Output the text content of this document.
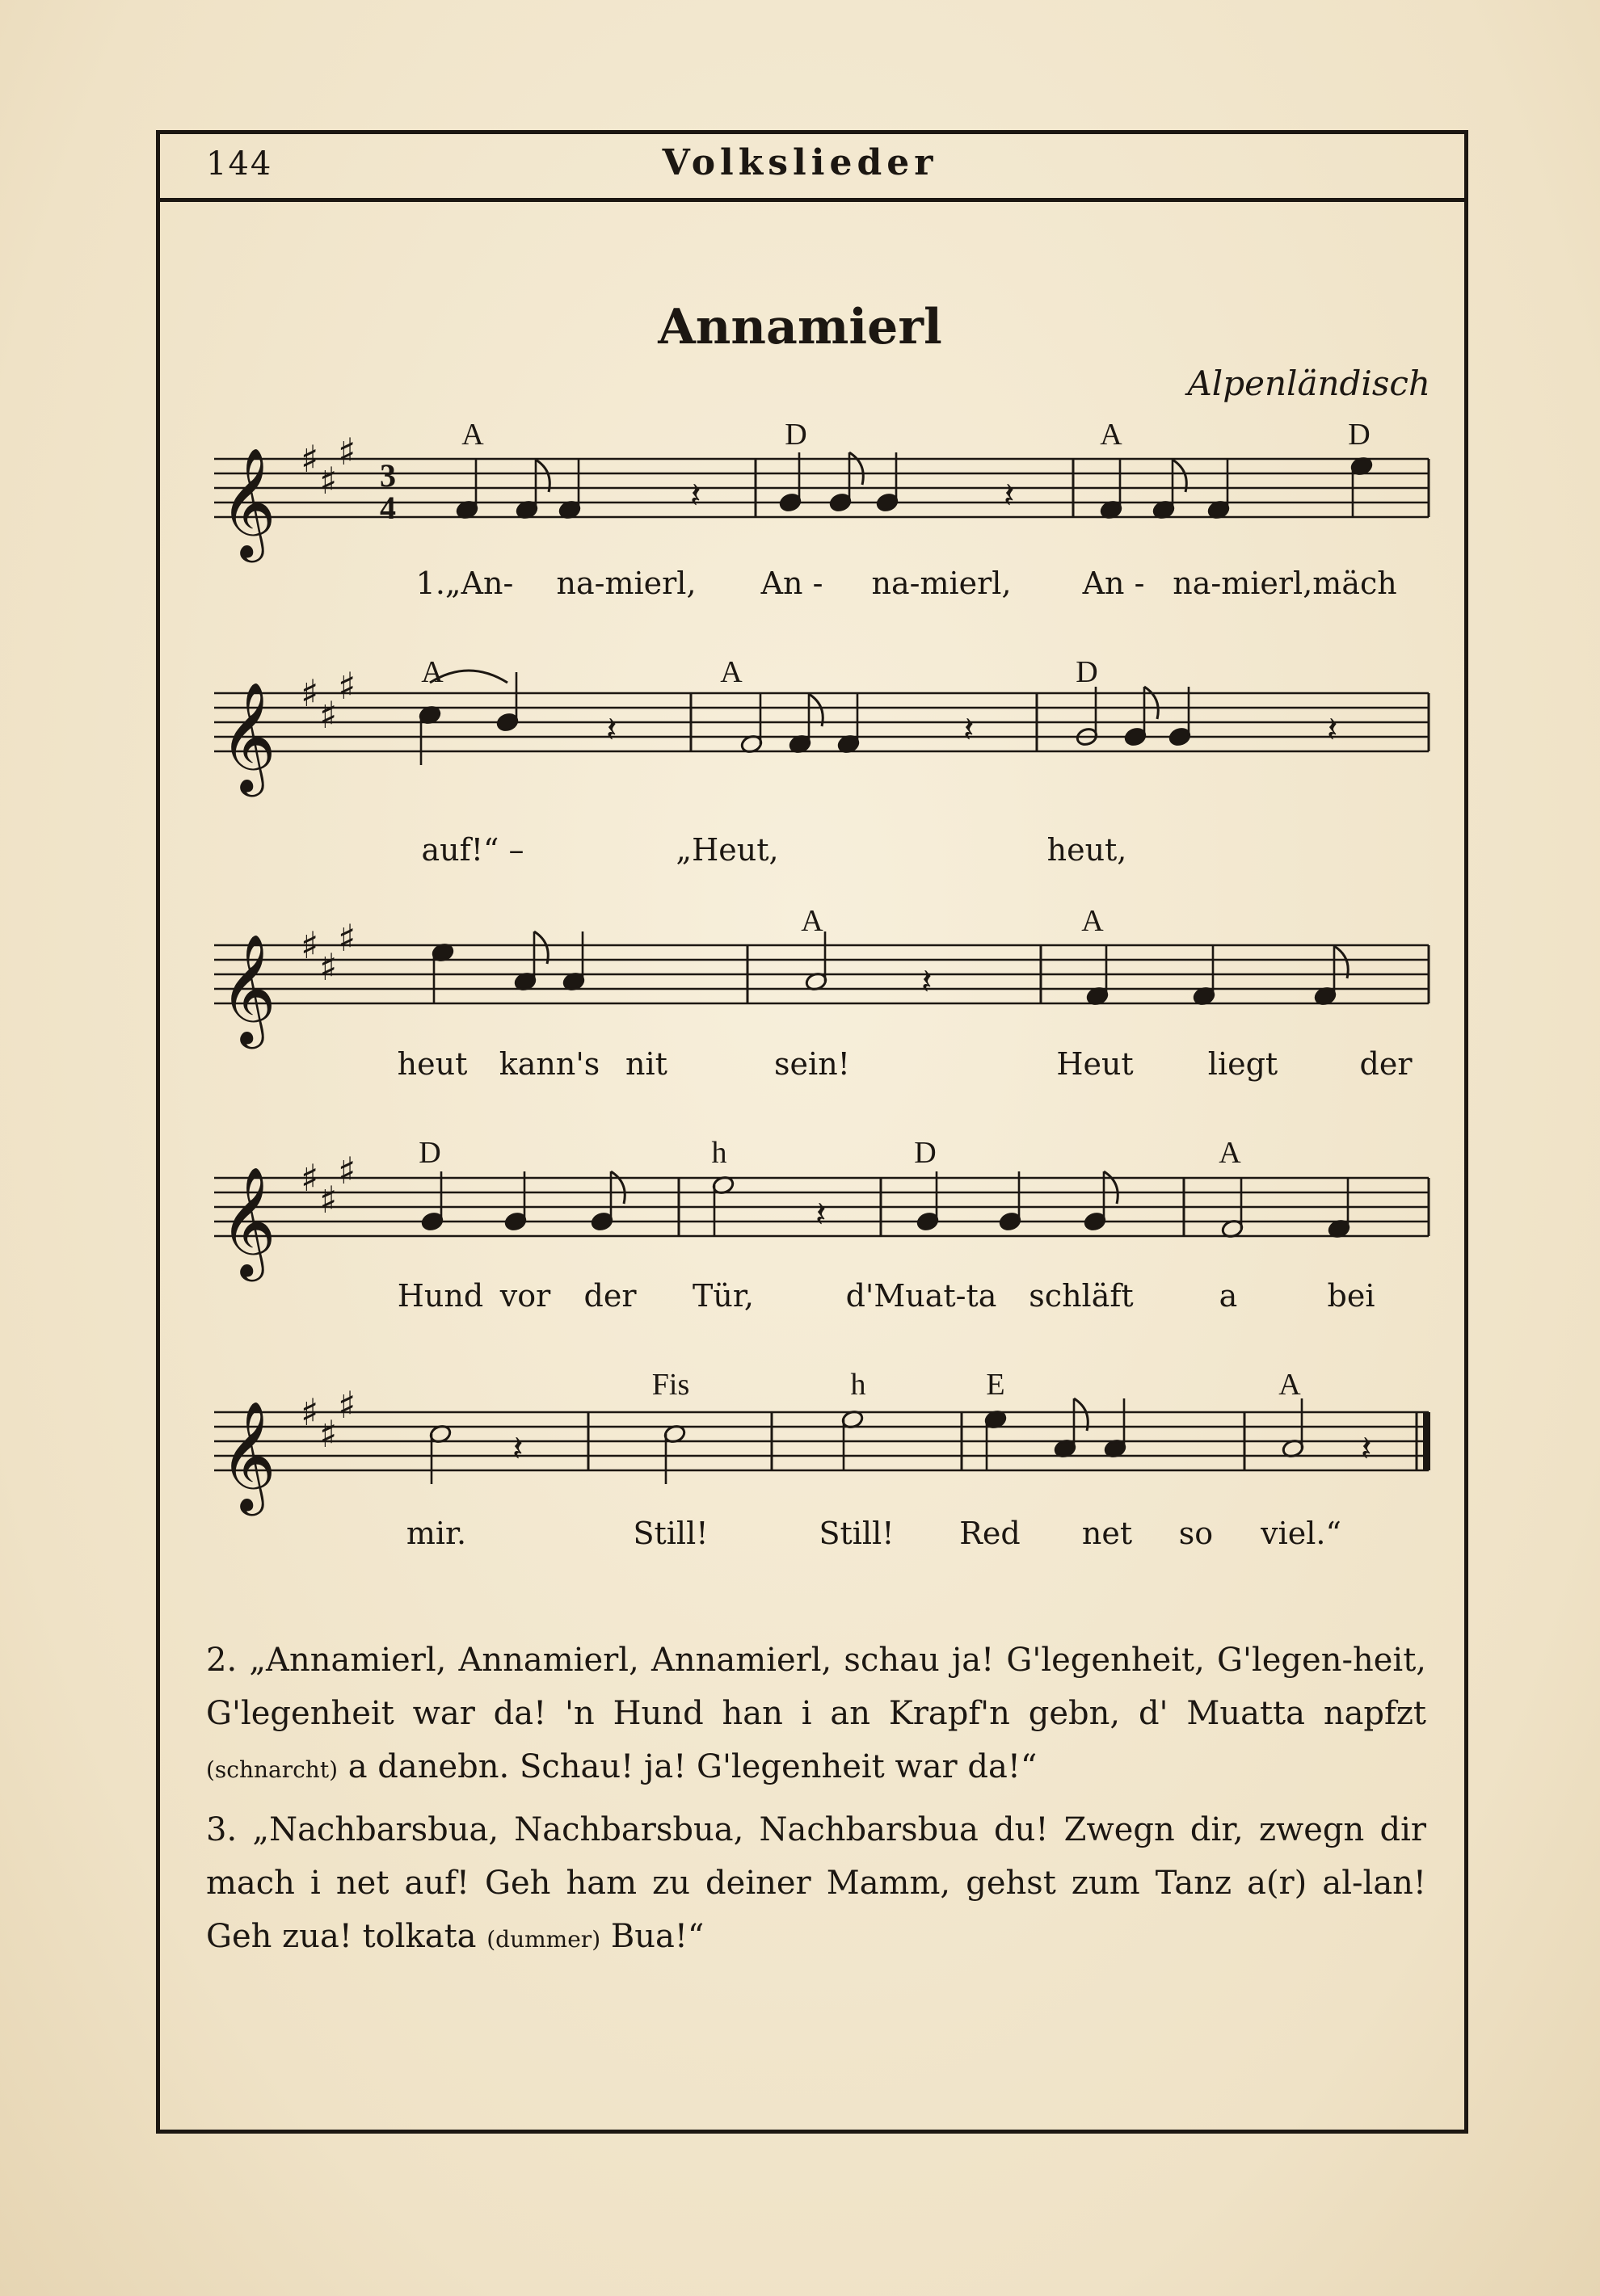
144	Volkslieder
Annamierl
Alpenländisch
𝄞 ♯ ♯
♯
3
4	𝄽	𝄽
𝄞 ♯ ♯
♯
𝄽	𝄽	𝄽
𝄞 ♯ ♯
♯
𝄽
𝄞 ♯ ♯
♯
𝄽
𝄞 ♯ ♯
♯
𝄽	𝄽
A	D	A	D
1.„An- na-mierl, An - na-mierl, An - na-mierl,mäch
A	A	D
auf!“ –	„Heut,	heut,
A	A
heut kann's nit	sein!	Heut liegt	der
D	h	D	A
Hund vor der Tür,	d'Muat-ta schläft	a	bei
Fis	h	E	A
mir.	Still!	Still! Red net so viel.“
2. „Annamierl, Annamierl, Annamierl, schau ja! G'legenheit, G'legen-heit, G'legenheit war da! 'n Hund han i an Krapf'n gebn, d' Muatta napfzt (schnarcht) a danebn. Schau! ja! G'legenheit war da!“
3. „Nachbarsbua, Nachbarsbua, Nachbarsbua du! Zwegn dir, zwegn dir mach i net auf! Geh ham zu deiner Mamm, gehst zum Tanz a(r) al-lan! Geh zua! tolkata (dummer) Bua!“
